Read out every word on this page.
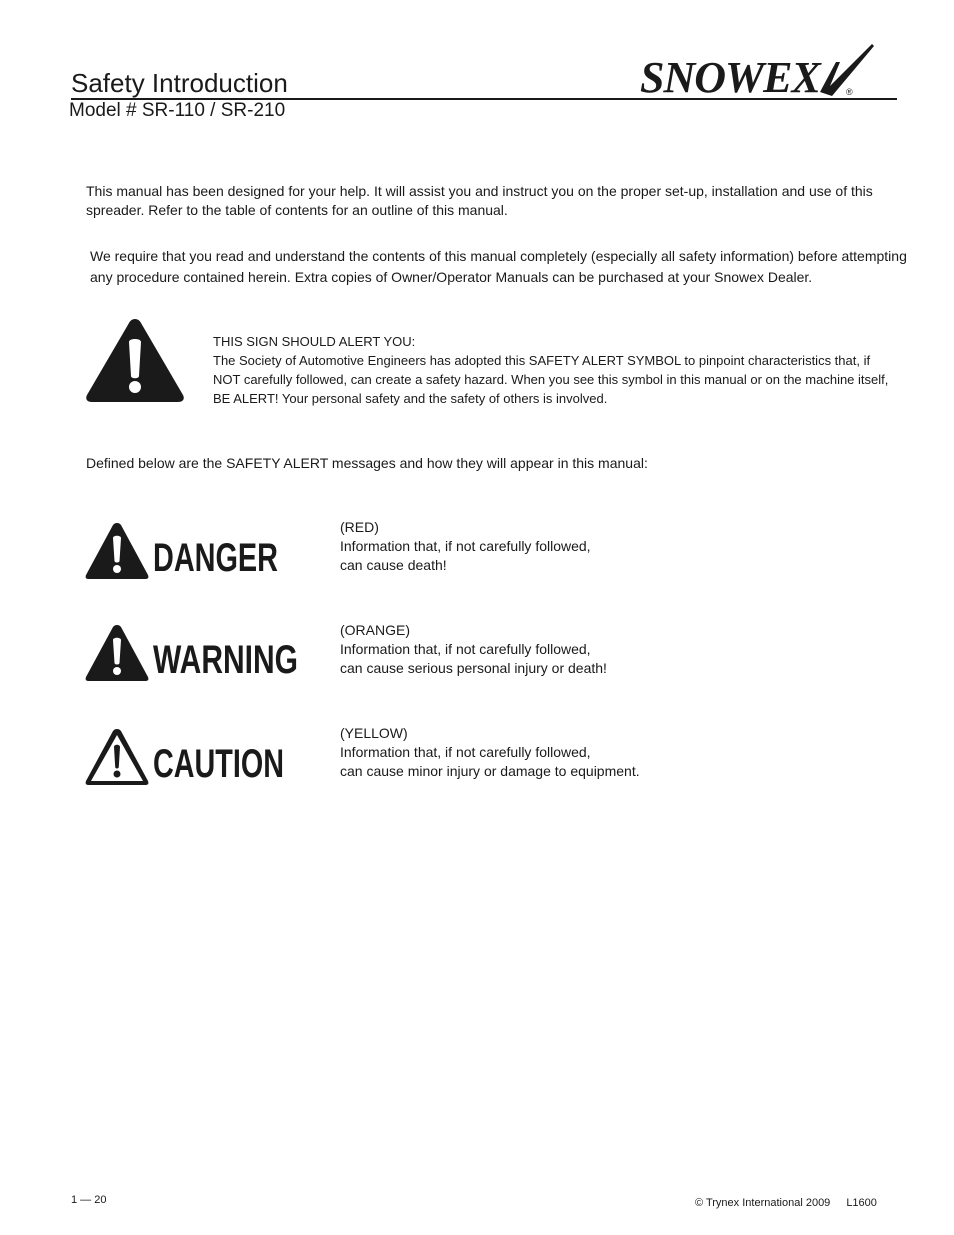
Safety Introduction
Model # SR-110 / SR-210
SNOWEX	®
This manual has been designed for your help. It will assist you and instruct you on the proper set-up, installation and use of this spreader. Refer to the table of contents for an outline of this manual.
We require that you read and understand the contents of this manual completely (especially all safety information) before attempting any procedure contained herein. Extra copies of Owner/Operator Manuals can be purchased at your Snowex Dealer.
THIS SIGN SHOULD ALERT YOU:
The Society of Automotive Engineers has adopted this SAFETY ALERT SYMBOL to pinpoint characteristics that, if NOT carefully followed, can create a safety hazard. When you see this symbol in this manual or on the machine itself, BE ALERT! Your personal safety and the safety of others is involved.
Defined below are the SAFETY ALERT messages and how they will appear in this manual:
DANGER
(RED)
Information that, if not carefully followed,
can cause death!
WARNING
(ORANGE)
Information that, if not carefully followed,
can cause serious personal injury or death!
CAUTION
(YELLOW)
Information that, if not carefully followed,
can cause minor injury or damage to equipment.
1 — 20	© Trynex International 2009 L1600
